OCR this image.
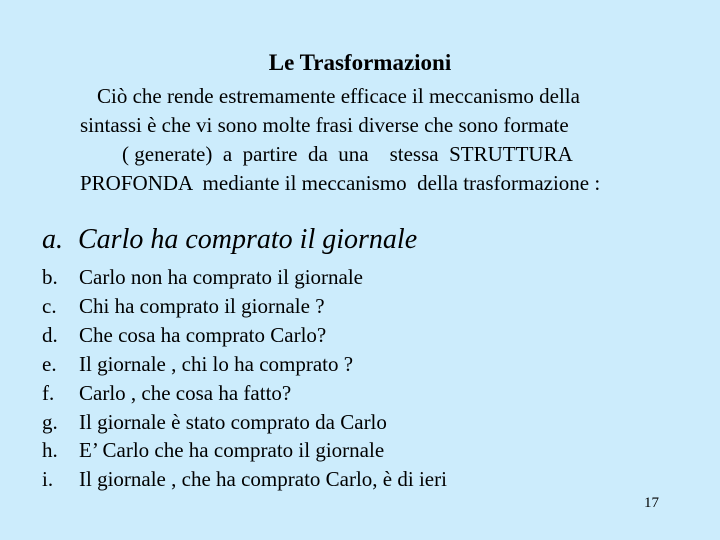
Le Trasformazioni
Ciò che rende estremamente efficace il meccanismo della
sintassi è che vi sono molte frasi diverse che sono formate
( generate)  a  partire  da  una    stessa  STRUTTURA
PROFONDA  mediante il meccanismo  della trasformazione :
a. Carlo ha comprato il giornale
b. Carlo non ha comprato il giornale
c. Chi ha comprato il giornale ?
d. Che cosa ha comprato Carlo?
e. Il giornale , chi lo ha comprato ?
f. Carlo , che cosa ha fatto?
g. Il giornale è stato comprato da Carlo
h. E’ Carlo che ha comprato il giornale
i. Il giornale , che ha comprato Carlo, è di ieri
17
